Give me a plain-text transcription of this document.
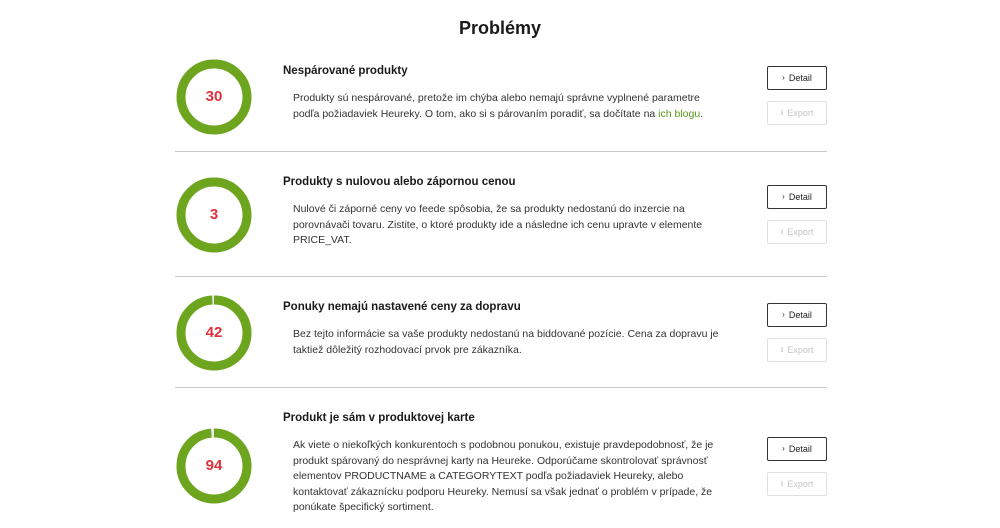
Problémy
30
Nespárované produkty
Produkty sú nespárované, pretože im chýba alebo nemajú správne vyplnené parametre podľa požiadaviek Heureky. O tom, ako si s párovaním poradiť, sa dočítate na ich blogu.
› Detail
⭳ Export
3
Produkty s nulovou alebo zápornou cenou
Nulové či záporné ceny vo feede spôsobia, že sa produkty nedostanú do inzercie na porovnávači tovaru. Zistite, o ktoré produkty ide a následne ich cenu upravte v elemente PRICE_VAT.
› Detail
⭳ Export
42
Ponuky nemajú nastavené ceny za dopravu
Bez tejto informácie sa vaše produkty nedostanú na biddované pozície. Cena za dopravu je taktiež dôležitý rozhodovací prvok pre zákazníka.
› Detail
⭳ Export
94
Produkt je sám v produktovej karte
Ak viete o niekoľkých konkurentoch s podobnou ponukou, existuje pravdepodobnosť, že je produkt spárovaný do nesprávnej karty na Heureke. Odporúčame skontrolovať správnosť elementov PRODUCTNAME a CATEGORYTEXT podľa požiadaviek Heureky, alebo kontaktovať zákaznícku podporu Heureky. Nemusí sa však jednať o problém v prípade, že ponúkate špecifický sortiment.
› Detail
⭳ Export
